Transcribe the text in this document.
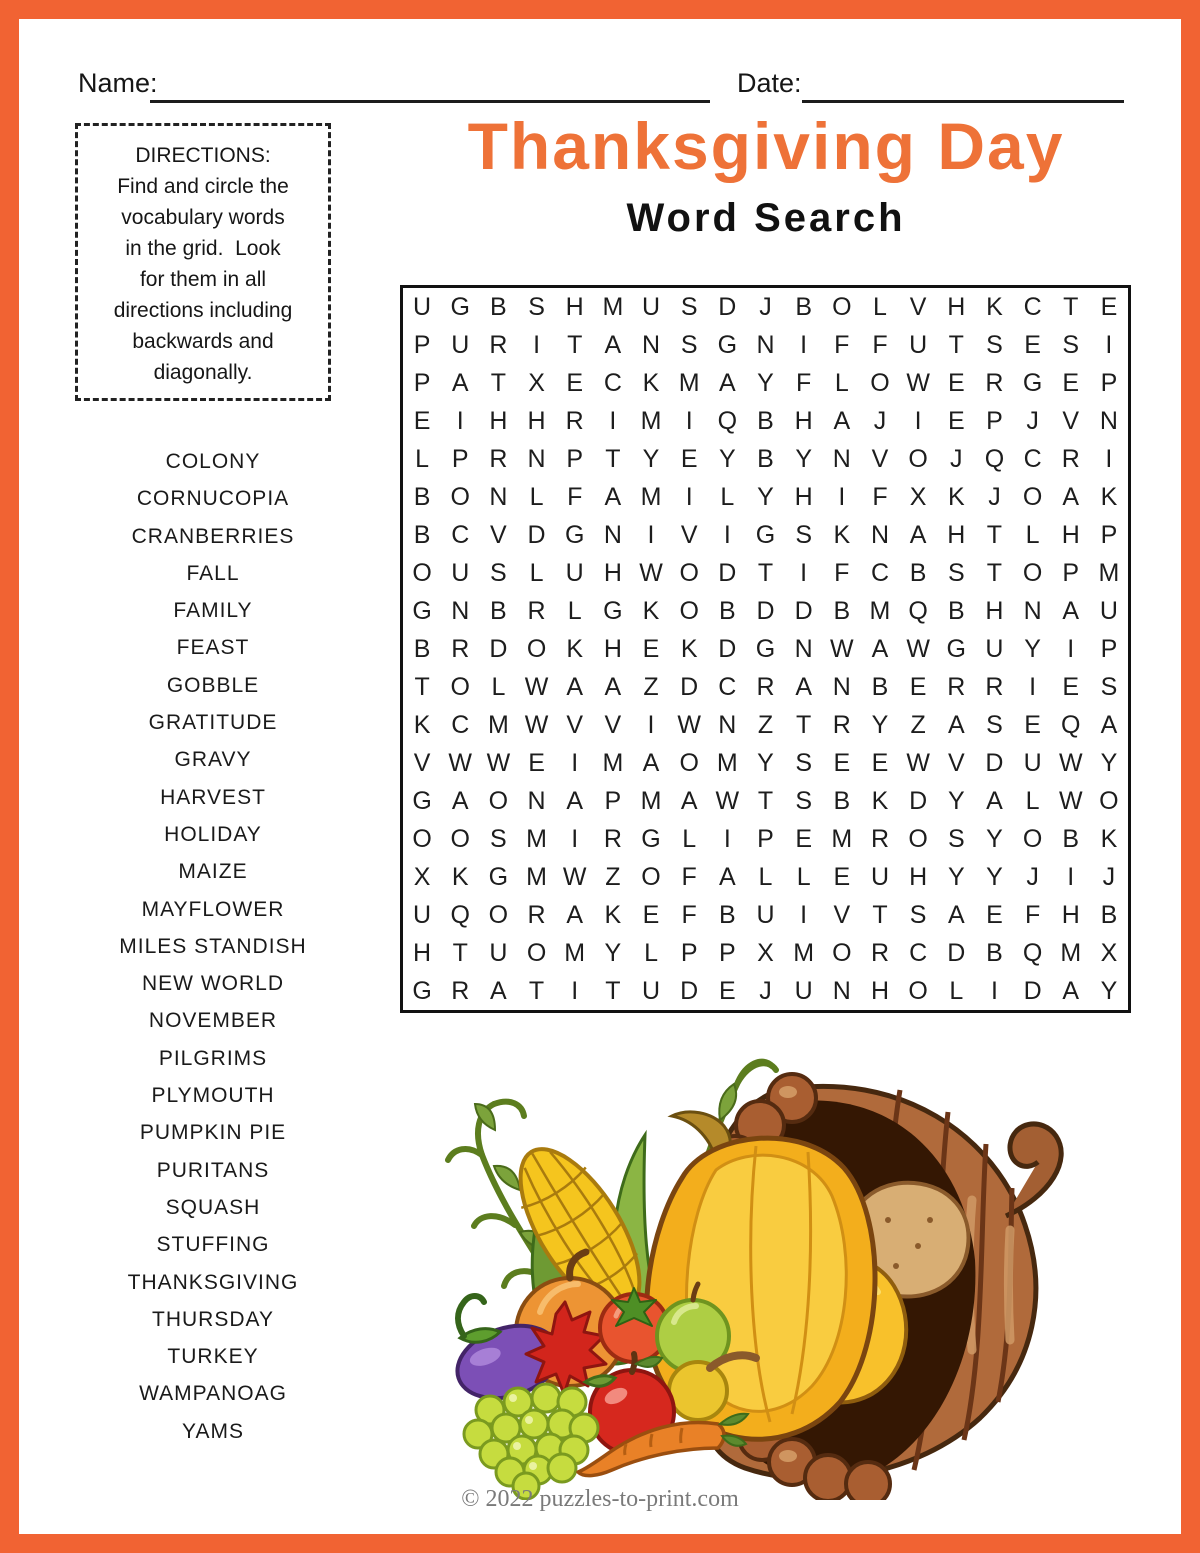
Name:	Date:
Thanksgiving Day
Word Search
DIRECTIONS:
Find and circle the
vocabulary words
in the grid.  Look
for them in all
directions including
backwards and
diagonally.
COLONY
CORNUCOPIA
CRANBERRIES
FALL
FAMILY
FEAST
GOBBLE
GRATITUDE
GRAVY
HARVEST
HOLIDAY
MAIZE
MAYFLOWER
MILES STANDISH
NEW WORLD
NOVEMBER
PILGRIMS
PLYMOUTH
PUMPKIN PIE
PURITANS
SQUASH
STUFFING
THANKSGIVING
THURSDAY
TURKEY
WAMPANOAG
YAMS
U G B S H M U S D J B O L V H K C T E
P U R	I	T A N S G N	I	F F U T S E S	I
P A T X E C K M A Y F L O W E R G E P
E	I	H H R	I M I Q B H A J	I	E P J V N
L P R N P T Y E Y B Y N V O J Q C R	I
B O N L F A M I	L Y H	I	F X K J O A K
B C V D G N	I	V	I G S K N A H T L H P
O U S L U H W O D T	I	F C B S T O P M
G N B R L G K O B D D B M Q B H N A U
B R D O K H E K D G N W A W G U Y	I	P
T O L W A A Z D C R A N B E R R	I	E S
K C M W V V	I W N Z T R Y Z A S E Q A
V W W E	I M A O M Y S E E W V D U W Y
G A O N A P M A W T S B K D Y A L W O
O O S M I	R G L	I	P E M R O S Y O B K
X K G M W Z O F A L L E U H Y Y J	I	J
U Q O R A K E F B U	I	V T S A E F H B
H T U O M Y L P P X M O R C D B Q M X
G R A T	I	T U D E J U N H O L	I	D A Y
© 2022 puzzles-to-print.com
